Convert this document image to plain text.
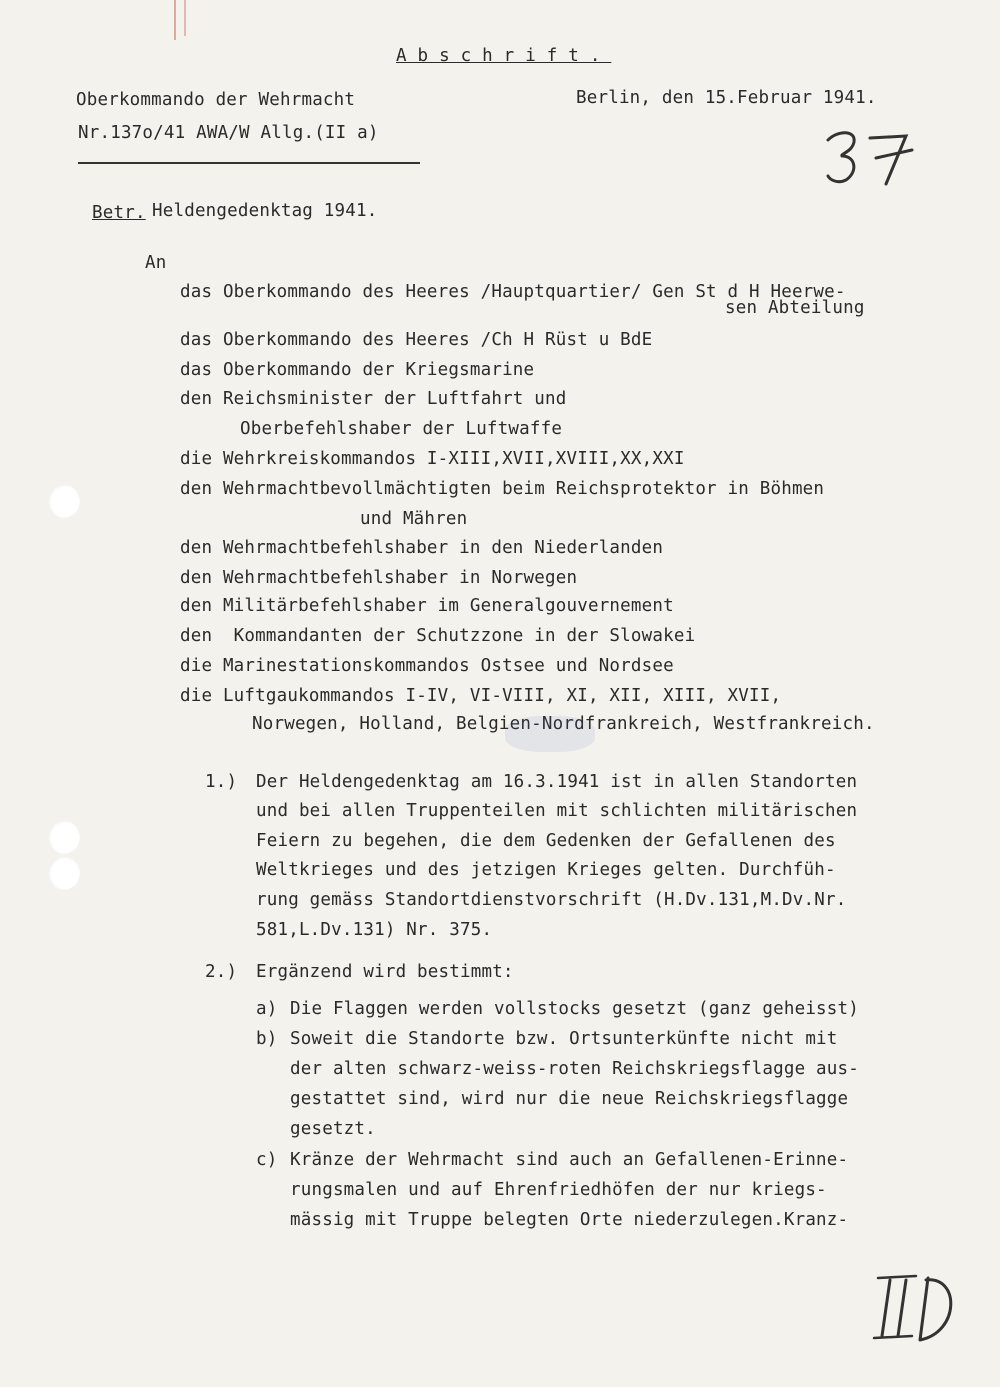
Abschrift.
Oberkommando der Wehrmacht
Nr.137o/41 AWA/W Allg.(II a)
Berlin, den 15.Februar 1941.
Betr. Heldengedenktag 1941.
An
das Oberkommando des Heeres /Hauptquartier/ Gen St d H Heerwe-
sen Abteilung
das Oberkommando des Heeres /Ch H Rüst u BdE
das Oberkommando der Kriegsmarine
den Reichsminister der Luftfahrt und
Oberbefehlshaber der Luftwaffe
die Wehrkreiskommandos I-XIII,XVII,XVIII,XX,XXI
den Wehrmachtbevollmächtigten beim Reichsprotektor in Böhmen
und Mähren
den Wehrmachtbefehlshaber in den Niederlanden
den Wehrmachtbefehlshaber in Norwegen
den Militärbefehlshaber im Generalgouvernement
den  Kommandanten der Schutzzone in der Slowakei
die Marinestationskommandos Ostsee und Nordsee
die Luftgaukommandos I-IV, VI-VIII, XI, XII, XIII, XVII,
Norwegen, Holland, Belgien-Nordfrankreich, Westfrankreich.
1.) Der Heldengedenktag am 16.3.1941 ist in allen Standorten
und bei allen Truppenteilen mit schlichten militärischen
Feiern zu begehen, die dem Gedenken der Gefallenen des
Weltkrieges und des jetzigen Krieges gelten. Durchfüh-
rung gemäss Standortdienstvorschrift (H.Dv.131,M.Dv.Nr.
581,L.Dv.131) Nr. 375.
2.) Ergänzend wird bestimmt:
a) Die Flaggen werden vollstocks gesetzt (ganz geheisst)
b) Soweit die Standorte bzw. Ortsunterkünfte nicht mit
der alten schwarz-weiss-roten Reichskriegsflagge aus-
gestattet sind, wird nur die neue Reichskriegsflagge
gesetzt.
c) Kränze der Wehrmacht sind auch an Gefallenen-Erinne-
rungsmalen und auf Ehrenfriedhöfen der nur kriegs-
mässig mit Truppe belegten Orte niederzulegen.Kranz-
